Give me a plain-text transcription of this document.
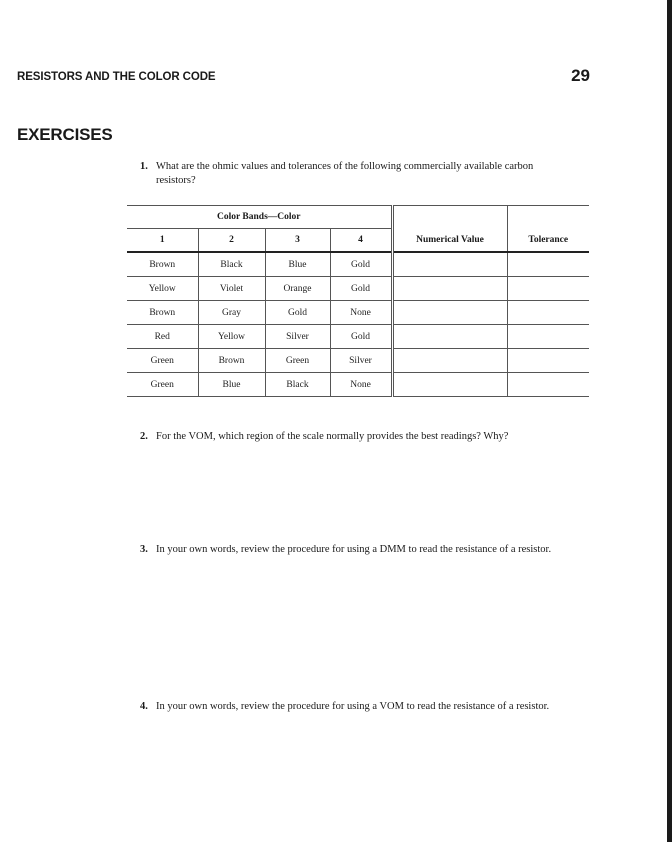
RESISTORS AND THE COLOR CODE	29
EXERCISES
1. What are the ohmic values and tolerances of the following commercially available carbon
resistors?
Color Bands—Color					
1	2	3	4	Numerical Value	Tolerance
Brown	Black	Blue	Gold		
Yellow	Violet	Orange	Gold		
Brown	Gray	Gold	None		
Red	Yellow	Silver	Gold		
Green	Brown	Green	Silver		
Green	Blue	Black	None		
2. For the VOM, which region of the scale normally provides the best readings? Why?
3. In your own words, review the procedure for using a DMM to read the resistance of a resistor.
4. In your own words, review the procedure for using a VOM to read the resistance of a resistor.
